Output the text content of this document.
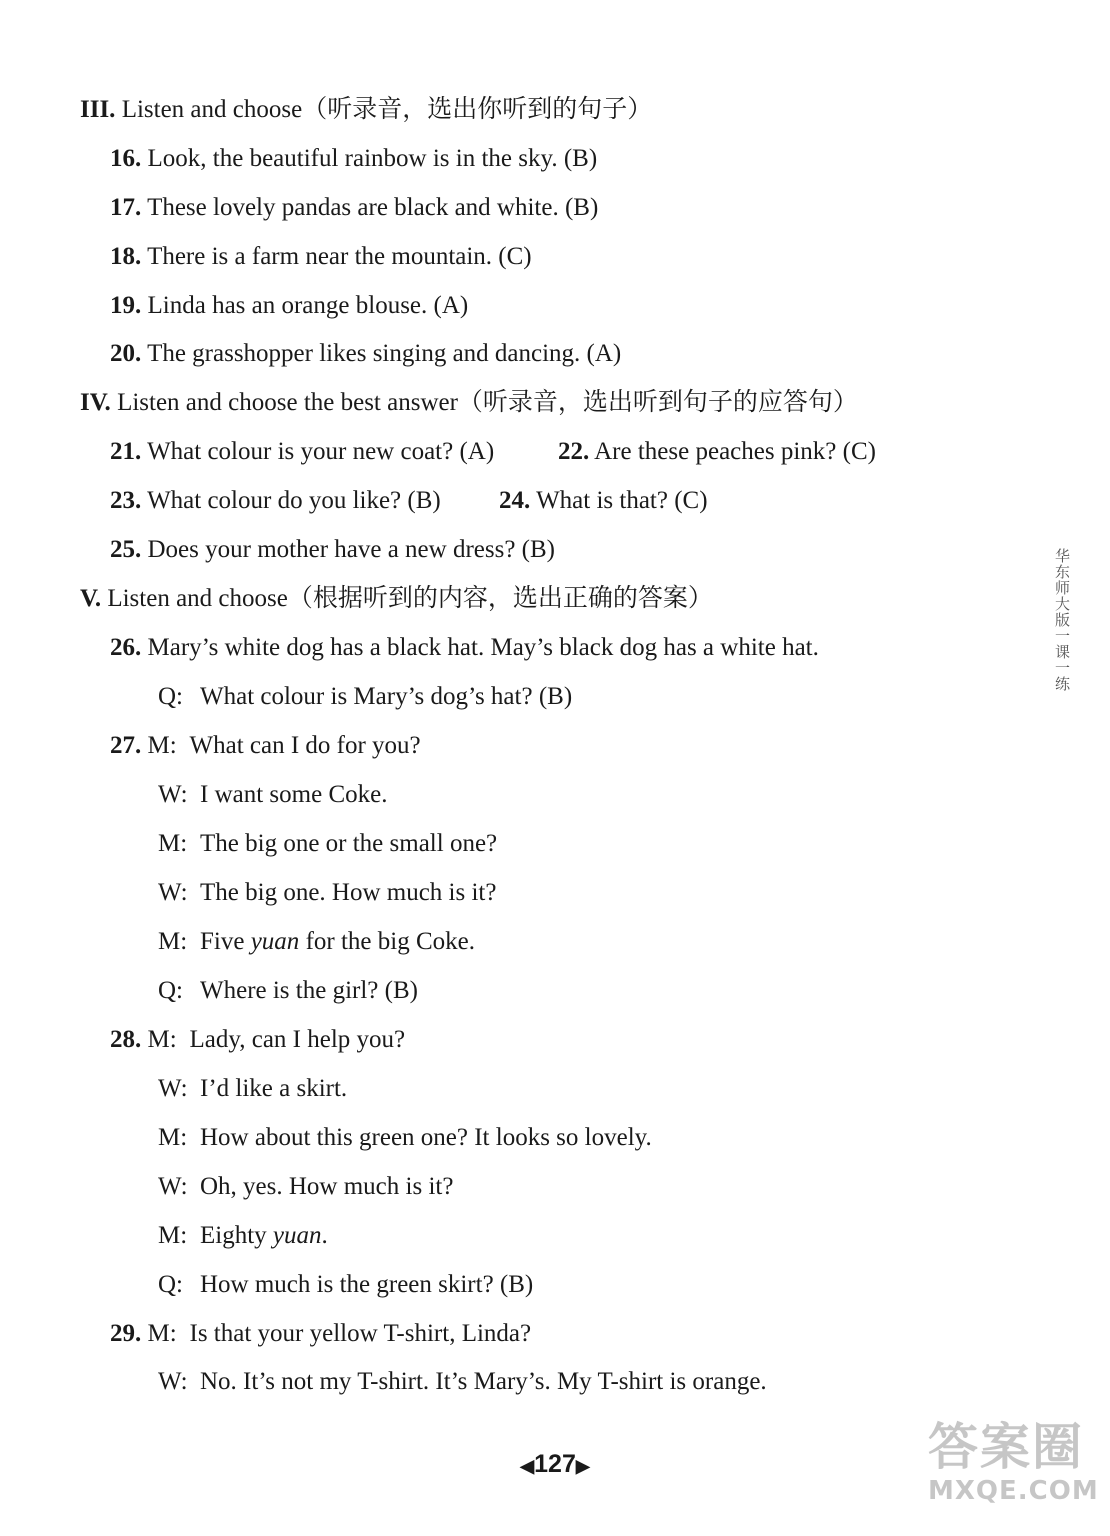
III. Listen and choose（听录音，选出你听到的句子）
16. Look, the beautiful rainbow is in the sky. (B)
17. These lovely pandas are black and white. (B)
18. There is a farm near the mountain. (C)
19. Linda has an orange blouse. (A)
20. The grasshopper likes singing and dancing. (A)
IV. Listen and choose the best answer（听录音，选出听到句子的应答句）
21. What colour is your new coat? (A)	22. Are these peaches pink? (C)
23. What colour do you like? (B) 24. What is that? (C)
25. Does your mother have a new dress? (B)
V. Listen and choose（根据听到的内容，选出正确的答案）
26. Mary’s white dog has a black hat. May’s black dog has a white hat.
Q: What colour is Mary’s dog’s hat? (B)
27. M: What can I do for you?
W: I want some Coke.
M: The big one or the small one?
W: The big one. How much is it?
M: Five yuan for the big Coke.
Q: Where is the girl? (B)
28. M: Lady, can I help you?
W: I’d like a skirt.
M: How about this green one? It looks so lovely.
W: Oh, yes. How much is it?
M: Eighty yuan.
Q: How much is the green skirt? (B)
29. M: Is that your yellow T-shirt, Linda?
W: No. It’s not my T-shirt. It’s Mary’s. My T-shirt is orange.
华东师大版一课一练
◀127▶	答案圈
MXQE.COM
